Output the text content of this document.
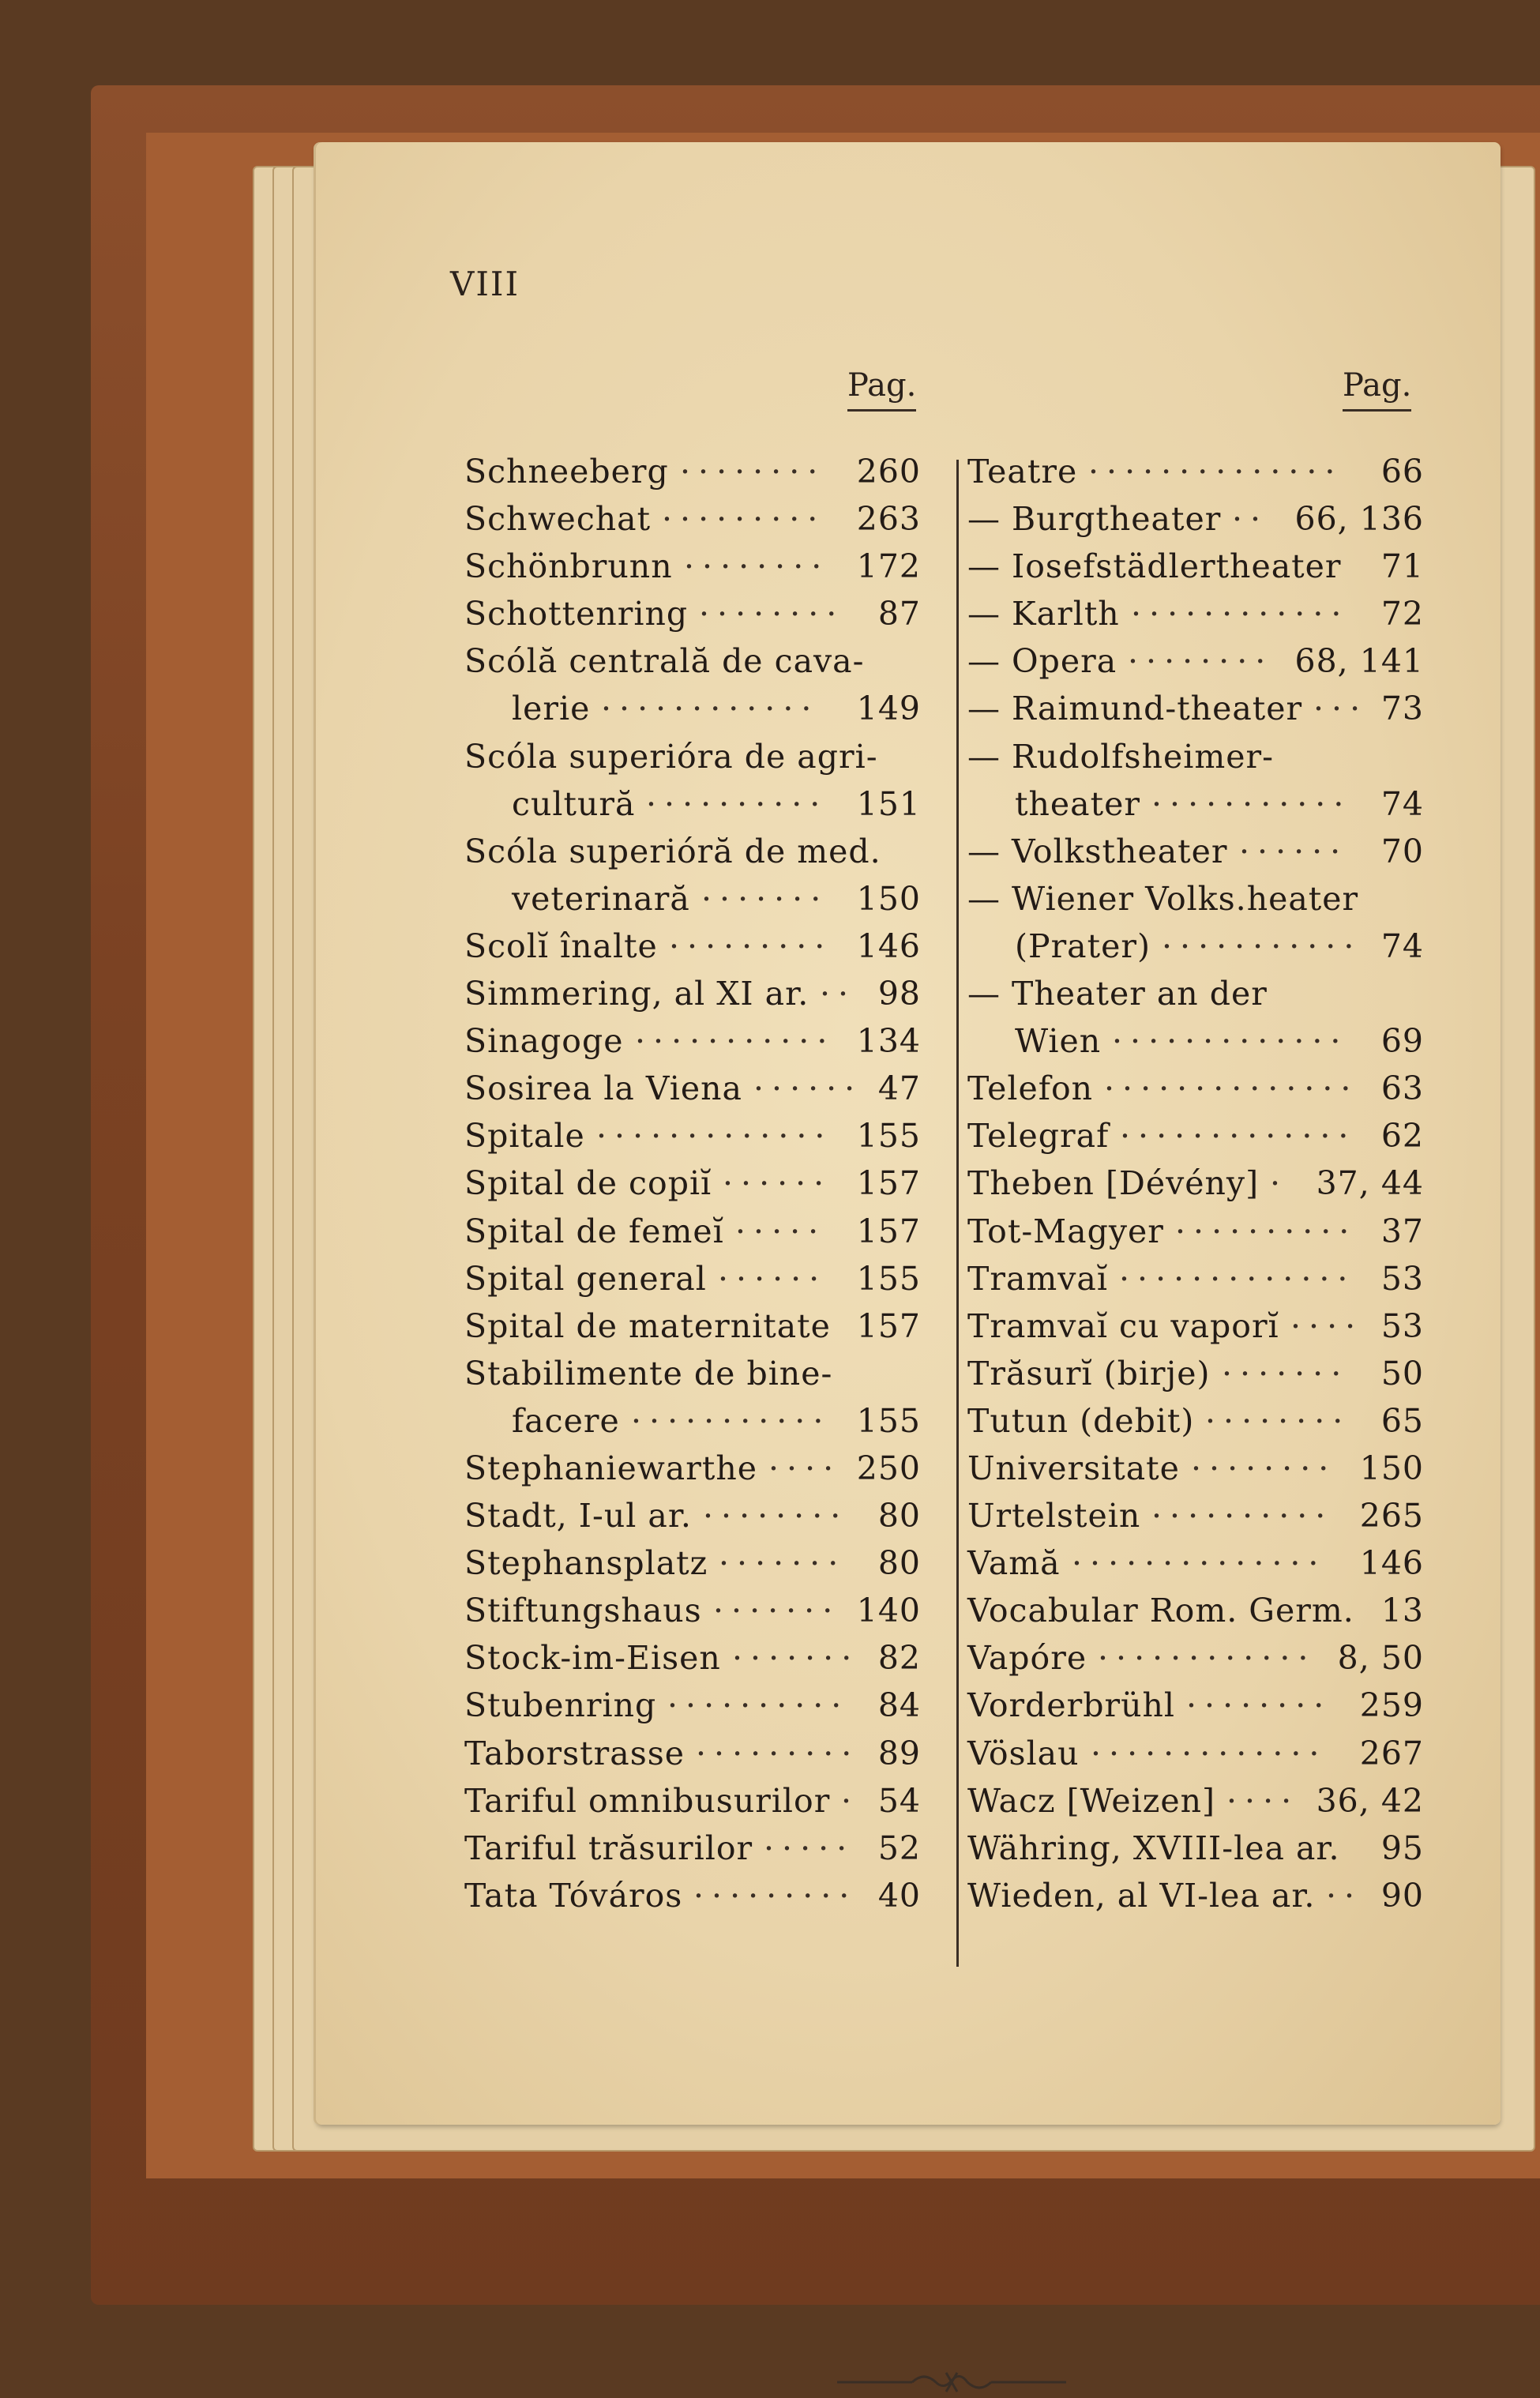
VIII
Pag.	Pag.
Schneeberg	260
········
Schwechat	263
·········
Schönbrunn	172
········
Schottenring	87
········
Scólă centrală de cava-
lerie	149
············
Scóla superióra de agri-
cultură	151
··········
Scóla superióră de med.
veterinară	150
·······
Scolĭ înalte	146
·········
Simmering, al XI ar. 98
··
Sinagoge	134
···········
Sosirea la Viena	47
······
Spitale	155
·············
Spital de copiĭ	157
······
Spital de femeĭ	157
·····
Spital general	155
······
Spital de maternitate 157
Stabilimente de bine-
facere	155
···········
Stephaniewarthe	250
····
Stadt, I-ul ar.	80
········
Stephansplatz	80
·······
Stiftungshaus	140
·······
Stock-im-Eisen	82
·······
Stubenring	84
··········
Taborstrasse	89
·········
Tariful omnibusurilor 54
·
Tariful trăsurilor	52
·····
Tata Tóváros	40
·········
Teatre	66
··············
— Burgtheater 66, 136
··
— Iosefstädlertheater 71
— Karlth	72
············
— Opera	68, 141
········
— Raimund-theater 73
···
— Rudolfsheimer-
theater	74
···········
— Volkstheater	70
······
— Wiener Volks.heater
(Prater)	74
···········
— Theater an der
Wien	69
·············
Telefon	63
··············
Telegraf	62
·············
Theben [Dévény] 37, 44
·
Tot-Magyer	37
··········
Tramvaĭ	53
·············
Tramvaĭ cu vaporĭ	53
····
Trăsurĭ (birje)	50
·······
Tutun (debit)	65
········
Universitate	150
········
Urtelstein	265
··········
Vamă	146
··············
Vocabular Rom. Germ. 13
Vapóre	8, 50
············
Vorderbrühl	259
········
Vöslau	267
·············
Wacz [Weizen]	36, 42
····
Währing, XVIII-lea ar. 95
Wieden, al VI-lea ar. 90
··
